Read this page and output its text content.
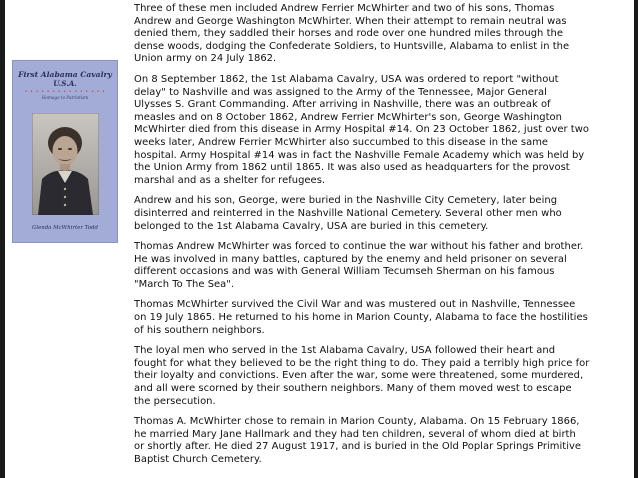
First Alabama Cavalry
U.S.A.
• • • • • • • • • • • • • • •
Homage to Patriotism
Glenda McWhirter Todd

Three of these men included Andrew Ferrier McWhirter and two of his sons, Thomas
Andrew and George Washington McWhirter. When their attempt to remain neutral was
denied them, they saddled their horses and rode over one hundred miles through the
dense woods, dodging the Confederate Soldiers, to Huntsville, Alabama to enlist in the
Union army on 24 July 1862.

On 8 September 1862, the 1st Alabama Cavalry, USA was ordered to report "without
delay" to Nashville and was assigned to the Army of the Tennessee, Major General
Ulysses S. Grant Commanding. After arriving in Nashville, there was an outbreak of
measles and on 8 October 1862, Andrew Ferrier McWhirter's son, George Washington
McWhirter died from this disease in Army Hospital #14. On 23 October 1862, just over two
weeks later, Andrew Ferrier McWhirter also succumbed to this disease in the same
hospital. Army Hospital #14 was in fact the Nashville Female Academy which was held by
the Union Army from 1862 until 1865. It was also used as headquarters for the provost
marshal and as a shelter for refugees.

Andrew and his son, George, were buried in the Nashville City Cemetery, later being
disinterred and reinterred in the Nashville National Cemetery. Several other men who
belonged to the 1st Alabama Cavalry, USA are buried in this cemetery.

Thomas Andrew McWhirter was forced to continue the war without his father and brother.
He was involved in many battles, captured by the enemy and held prisoner on several
different occasions and was with General William Tecumseh Sherman on his famous
"March To The Sea".

Thomas McWhirter survived the Civil War and was mustered out in Nashville, Tennessee
on 19 July 1865. He returned to his home in Marion County, Alabama to face the hostilities
of his southern neighbors.

The loyal men who served in the 1st Alabama Cavalry, USA followed their heart and
fought for what they believed to be the right thing to do. They paid a terribly high price for
their loyalty and convictions. Even after the war, some were threatened, some murdered,
and all were scorned by their southern neighbors. Many of them moved west to escape
the persecution.

Thomas A. McWhirter chose to remain in Marion County, Alabama. On 15 February 1866,
he married Mary Jane Hallmark and they had ten children, several of whom died at birth
or shortly after. He died 27 August 1917, and is buried in the Old Poplar Springs Primitive
Baptist Church Cemetery.
